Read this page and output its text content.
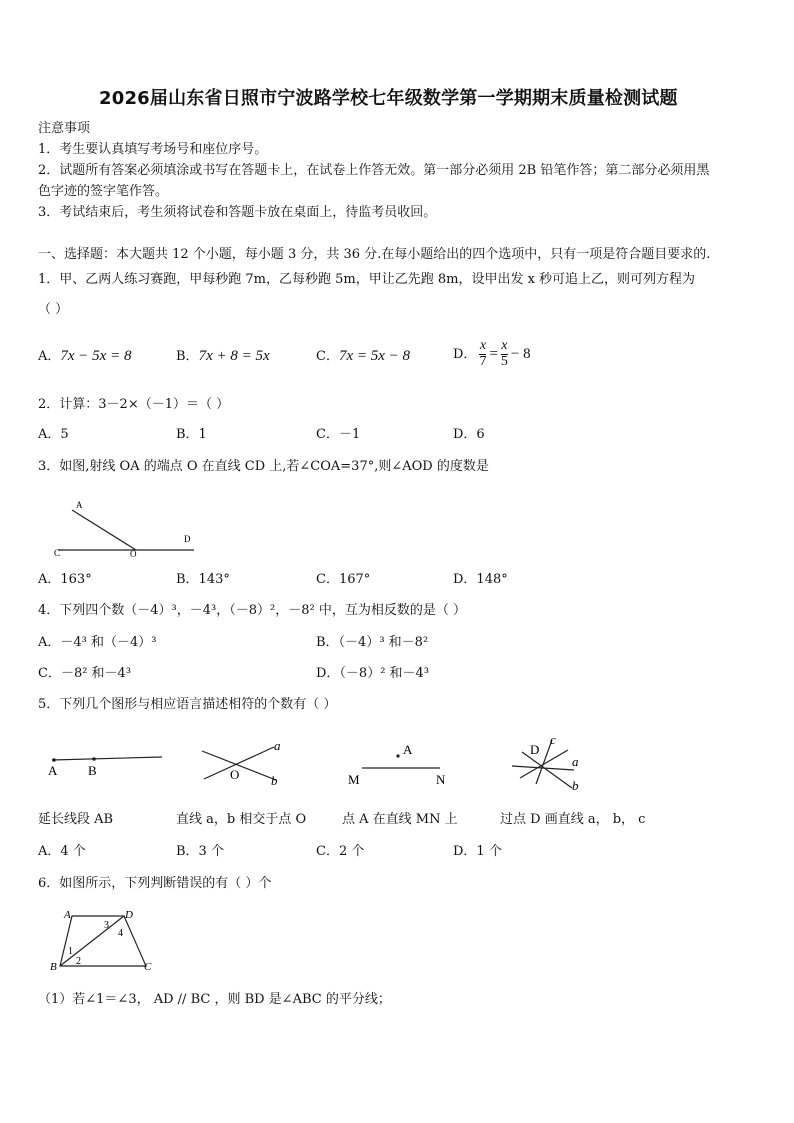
2026届山东省日照市宁波路学校七年级数学第一学期期末质量检测试题
注意事项
1．考生要认真填写考场号和座位序号。
2．试题所有答案必须填涂或书写在答题卡上，在试卷上作答无效。第一部分必须用 2B 铅笔作答；第二部分必须用黑
色字迹的签字笔作答。
3．考试结束后，考生须将试卷和答题卡放在桌面上，待监考员收回。
一、选择题：本大题共 12 个小题，每小题 3 分，共 36 分.在每小题给出的四个选项中，只有一项是符合题目要求的.
1．甲、乙两人练习赛跑，甲每秒跑 7m，乙每秒跑 5m，甲让乙先跑 8m，设甲出发 x 秒可追上乙，则可列方程为
（ ）
A．7x − 5x = 8	B．7x + 8 = 5x	C．7x = 5x − 8	D． $\frac{x}{7} = \frac{x}{5} - 8$
2．计算：3－2×（－1）＝（ ）
A．5	B．1	C．－1	D．6
3．如图,射线 OA 的端点 O 在直线 CD 上,若∠COA=37°,则∠AOD 的度数是
A
C	O
D
A．163°	B．143°	C．167°	D．148°
4．下列四个数（－4）³，－4³，（－8）²，－8² 中，互为相反数的是（ ）
A．－4³ 和（－4）³	B．（－4）³ 和－8²
C．－8² 和－4³	D．（－8）² 和－4³
5．下列几个图形与相应语言描述相符的个数有（ ）
A B
a
b
O
A
M	N
D
c
a
b
延长线段 AB	直线 a，b 相交于点 O	点 A 在直线 MN 上	过点 D 画直线 a， b， c
A．4 个	B．3 个	C．2 个	D．1 个
6．如图所示，下列判断错误的有（ ）个
A	D
B	C
1
2
3
4
（1）若∠1＝∠3， AD // BC ，则 BD 是∠ABC 的平分线；
